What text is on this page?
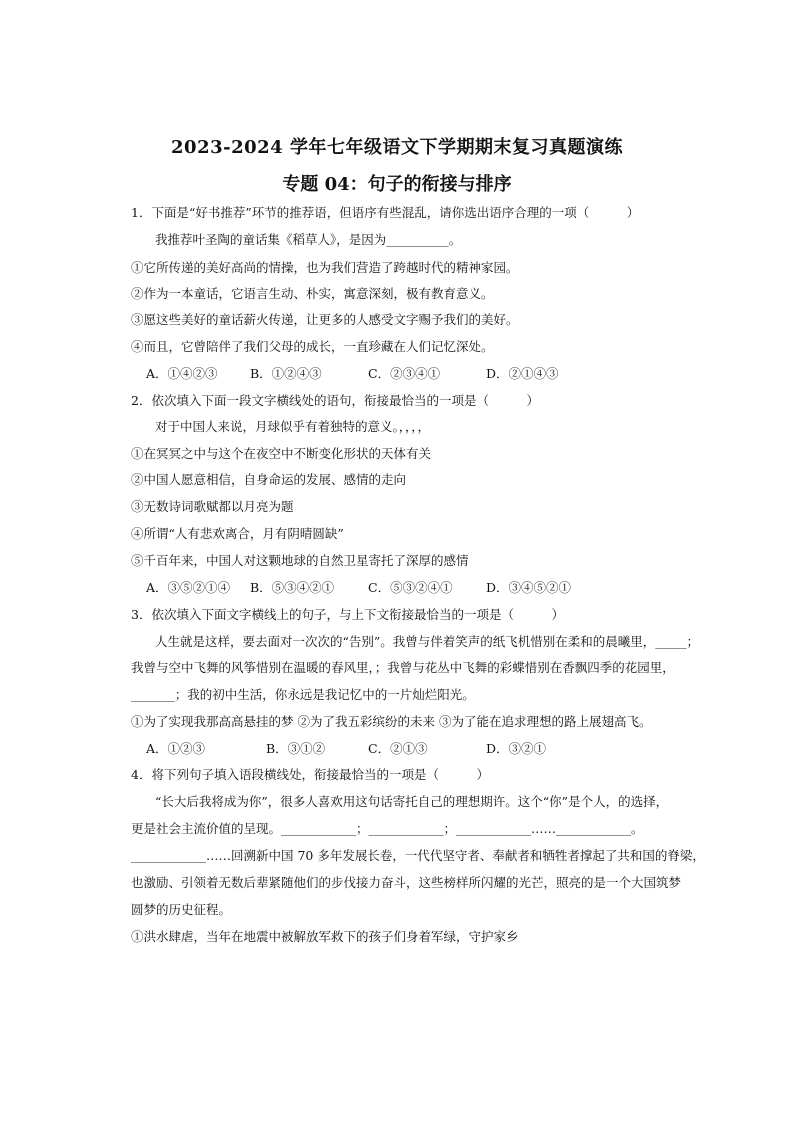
2023-2024 学年七年级语文下学期期末复习真题演练
专题 04：句子的衔接与排序
1．下面是“好书推荐”环节的推荐语，但语序有些混乱，请你选出语序合理的一项（　　　）
我推荐叶圣陶的童话集《稻草人》，是因为__________。
①它所传递的美好高尚的情操，也为我们营造了跨越时代的精神家园。
②作为一本童话，它语言生动、朴实，寓意深刻，极有教育意义。
③愿这些美好的童话薪火传递，让更多的人感受文字赐予我们的美好。
④而且，它曾陪伴了我们父母的成长，一直珍藏在人们记忆深处。
A．①④②③	B．①②④③	C．②③④①	D．②①④③
2．依次填入下面一段文字横线处的语句，衔接最恰当的一项是（　　　）
对于中国人来说，月球似乎有着独特的意义。，，，，
①在冥冥之中与这个在夜空中不断变化形状的天体有关
②中国人愿意相信，自身命运的发展、感情的走向
③无数诗词歌赋都以月亮为题
④所谓“人有悲欢离合，月有阴晴圆缺”
⑤千百年来，中国人对这颗地球的自然卫星寄托了深厚的感情
A．③⑤②①④ B．⑤③④②①	C．⑤③②④①	D．③④⑤②①
3．依次填入下面文字横线上的句子，与上下文衔接最恰当的一项是（　　　）
人生就是这样，要去面对一次次的“告别”。我曾与伴着笑声的纸飞机惜别在柔和的晨曦里，_____；
我曾与空中飞舞的风筝惜别在温暖的春风里，；我曾与花丛中飞舞的彩蝶惜别在香飘四季的花园里，
_______；我的初中生活，你永远是我记忆中的一片灿烂阳光。
①为了实现我那高高悬挂的梦 ②为了我五彩缤纷的未来 ③为了能在追求理想的路上展翅高飞。
A．①②③	B．③①②	C．②①③	D．③②①
4．将下列句子填入语段横线处，衔接最恰当的一项是（　　　）
“长大后我将成为你”，很多人喜欢用这句话寄托自己的理想期许。这个“你”是个人，的选择，
更是社会主流价值的呈现。____________；____________；____________……____________。
____________……回溯新中国 70 多年发展长卷，一代代坚守者、奉献者和牺牲者撑起了共和国的脊梁，
也激励、引领着无数后辈紧随他们的步伐接力奋斗，这些榜样所闪耀的光芒，照亮的是一个大国筑梦
圆梦的历史征程。
①洪水肆虐，当年在地震中被解放军救下的孩子们身着军绿，守护家乡
